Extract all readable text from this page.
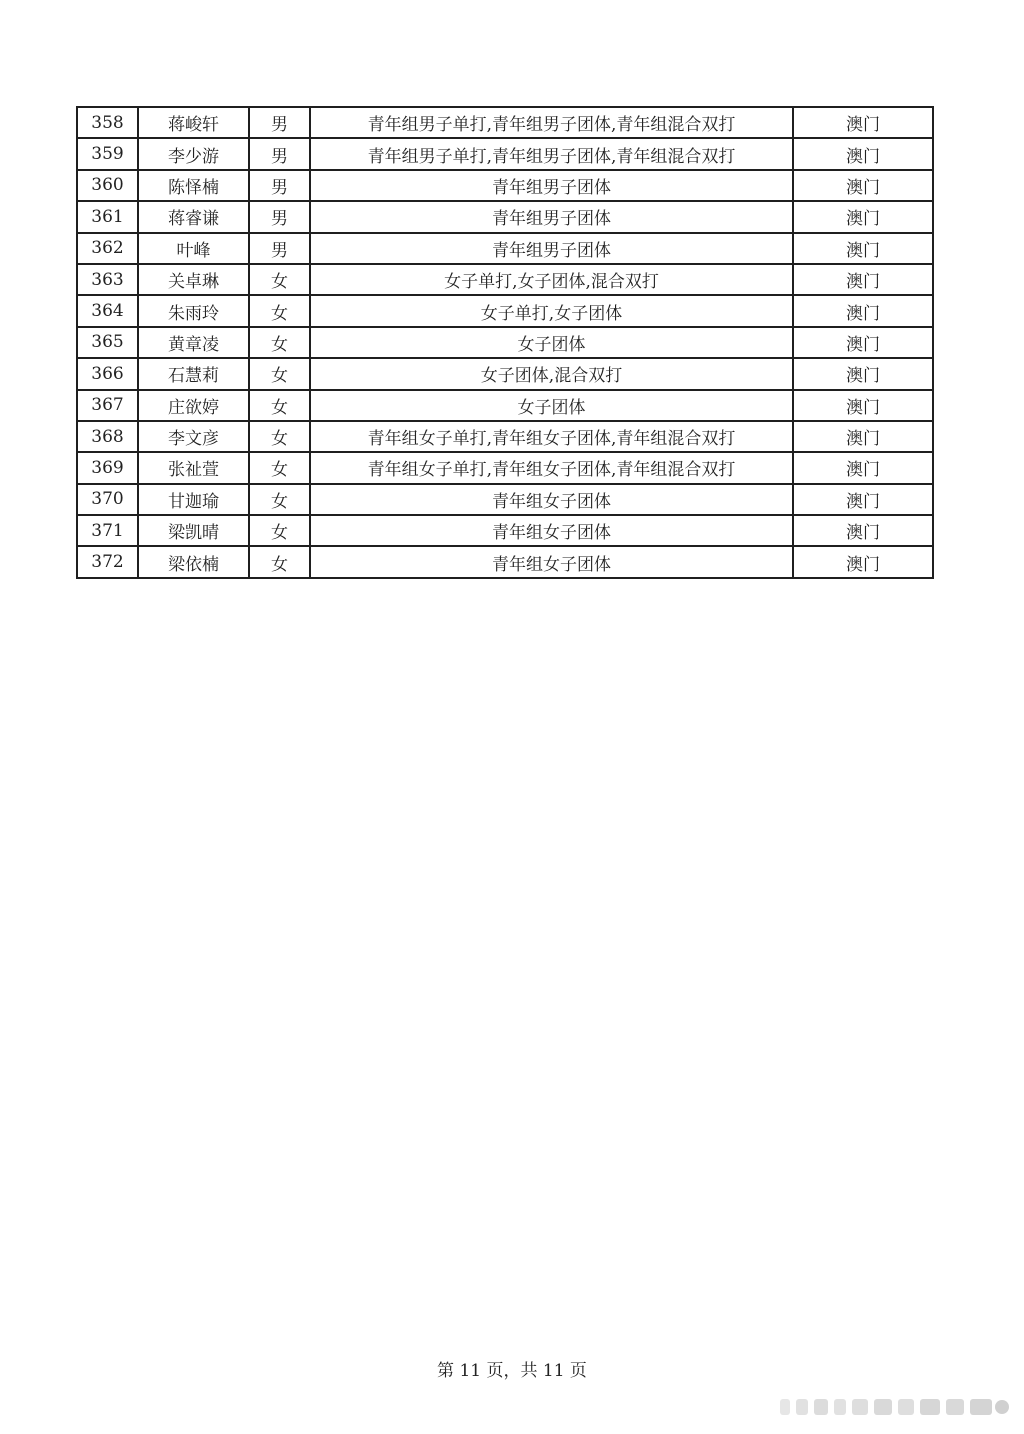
358	蒋峻轩	男	青年组男子单打,青年组男子团体,青年组混合双打	澳门
359	李少游	男	青年组男子单打,青年组男子团体,青年组混合双打	澳门
360	陈怿楠	男	青年组男子团体	澳门
361	蒋睿谦	男	青年组男子团体	澳门
362	叶峰	男	青年组男子团体	澳门
363	关卓琳	女	女子单打,女子团体,混合双打	澳门
364	朱雨玲	女	女子单打,女子团体	澳门
365	黄章凌	女	女子团体	澳门
366	石慧莉	女	女子团体,混合双打	澳门
367	庄欲婷	女	女子团体	澳门
368	李文彦	女	青年组女子单打,青年组女子团体,青年组混合双打	澳门
369	张祉萱	女	青年组女子单打,青年组女子团体,青年组混合双打	澳门
370	甘迦瑜	女	青年组女子团体	澳门
371	梁凯晴	女	青年组女子团体	澳门
372	梁依楠	女	青年组女子团体	澳门
第 11 页，共 11 页
